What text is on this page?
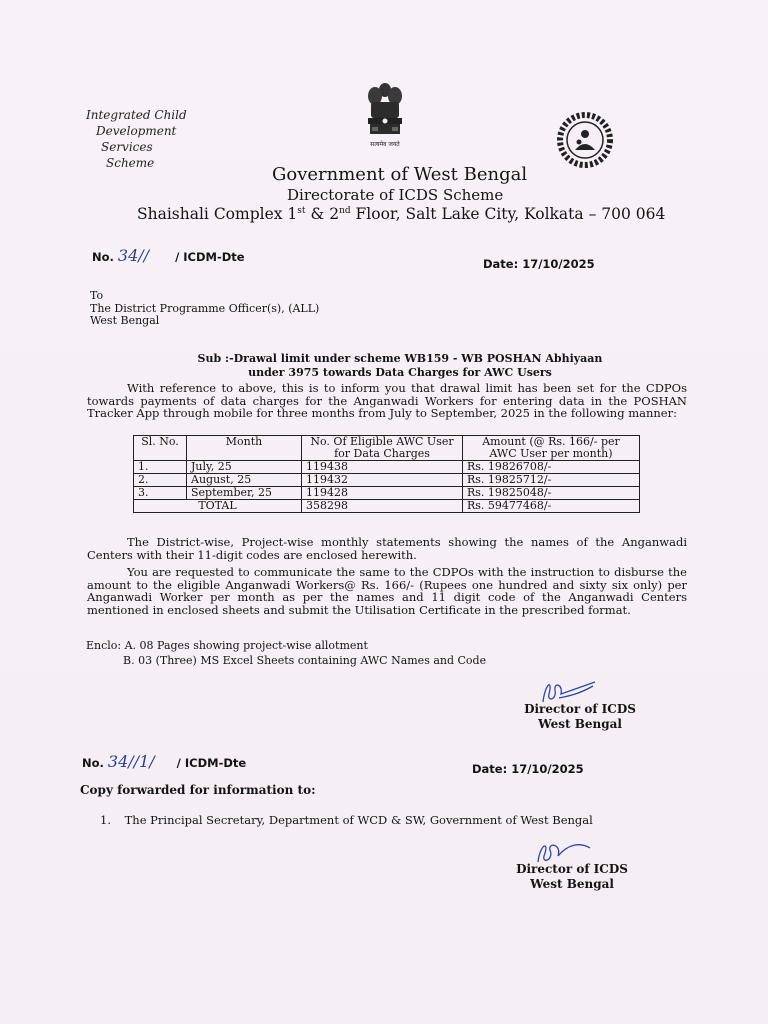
Integrated Child
Development
Services
Scheme
सत्यमेव जयते
Government of West Bengal
Directorate of ICDS Scheme
Shaishali Complex 1st & 2nd Floor, Salt Lake City, Kolkata – 700 064
No. 34// / ICDM-Dte	Date: 17/10/2025
To
The District Programme Officer(s), (ALL)
West Bengal
Sub :-Drawal limit under scheme WB159 - WB POSHAN Abhiyaan
under 3975 towards Data Charges for AWC Users
With reference to above, this is to inform you that drawal limit has been set for the CDPOs towards payments of data charges for the Anganwadi Workers for entering data in the POSHAN Tracker App through mobile for three months from July to September, 2025 in the following manner:
Sl. No.	Month	No. Of Eligible AWC User for Data Charges	Amount (@ Rs. 166/- per AWC User per month)
1.	July, 25	119438	Rs. 19826708/-
2.	August, 25	119432	Rs. 19825712/-
3.	September, 25	119428	Rs. 19825048/-
TOTAL		358298	Rs. 59477468/-
The District-wise, Project-wise monthly statements showing the names of the Anganwadi Centers with their 11-digit codes are enclosed herewith.
You are requested to communicate the same to the CDPOs with the instruction to disburse the amount to the eligible Anganwadi Workers@ Rs. 166/- (Rupees one hundred and sixty six only) per Anganwadi Worker per month as per the names and 11 digit code of the Anganwadi Centers mentioned in enclosed sheets and submit the Utilisation Certificate in the prescribed format.
Enclo: A. 08 Pages showing project-wise allotment
B. 03 (Three) MS Excel Sheets containing AWC Names and Code
Director of ICDS
West Bengal
No. 34//1/ / ICDM-Dte	Date: 17/10/2025
Copy forwarded for information to:
1. The Principal Secretary, Department of WCD & SW, Government of West Bengal
Director of ICDS
West Bengal
